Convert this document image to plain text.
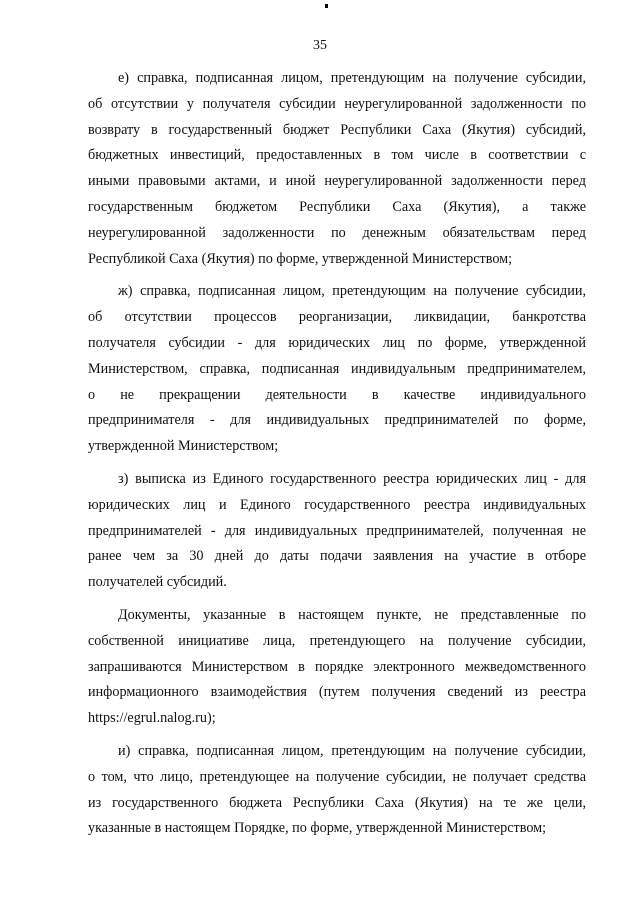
35
е) справка, подписанная лицом, претендующим на получение субсидии,
об отсутствии у получателя субсидии неурегулированной задолженности по
возврату в государственный бюджет Республики Саха (Якутия) субсидий,
бюджетных инвестиций, предоставленных в том числе в соответствии с
иными правовыми актами, и иной неурегулированной задолженности перед
государственным бюджетом Республики Саха (Якутия), а также
неурегулированной задолженности по денежным обязательствам перед
Республикой Саха (Якутия) по форме, утвержденной Министерством;
ж) справка, подписанная лицом, претендующим на получение субсидии,
об отсутствии процессов реорганизации, ликвидации, банкротства
получателя субсидии - для юридических лиц по форме, утвержденной
Министерством, справка, подписанная индивидуальным предпринимателем,
о не прекращении деятельности в качестве индивидуального
предпринимателя - для индивидуальных предпринимателей по форме,
утвержденной Министерством;
з) выписка из Единого государственного реестра юридических лиц - для
юридических лиц и Единого государственного реестра индивидуальных
предпринимателей - для индивидуальных предпринимателей, полученная не
ранее чем за 30 дней до даты подачи заявления на участие в отборе
получателей субсидий.
Документы, указанные в настоящем пункте, не представленные по
собственной инициативе лица, претендующего на получение субсидии,
запрашиваются Министерством в порядке электронного межведомственного
информационного взаимодействия (путем получения сведений из реестра
https://egrul.nalog.ru);
и) справка, подписанная лицом, претендующим на получение субсидии,
о том, что лицо, претендующее на получение субсидии, не получает средства
из государственного бюджета Республики Саха (Якутия) на те же цели,
указанные в настоящем Порядке, по форме, утвержденной Министерством;
